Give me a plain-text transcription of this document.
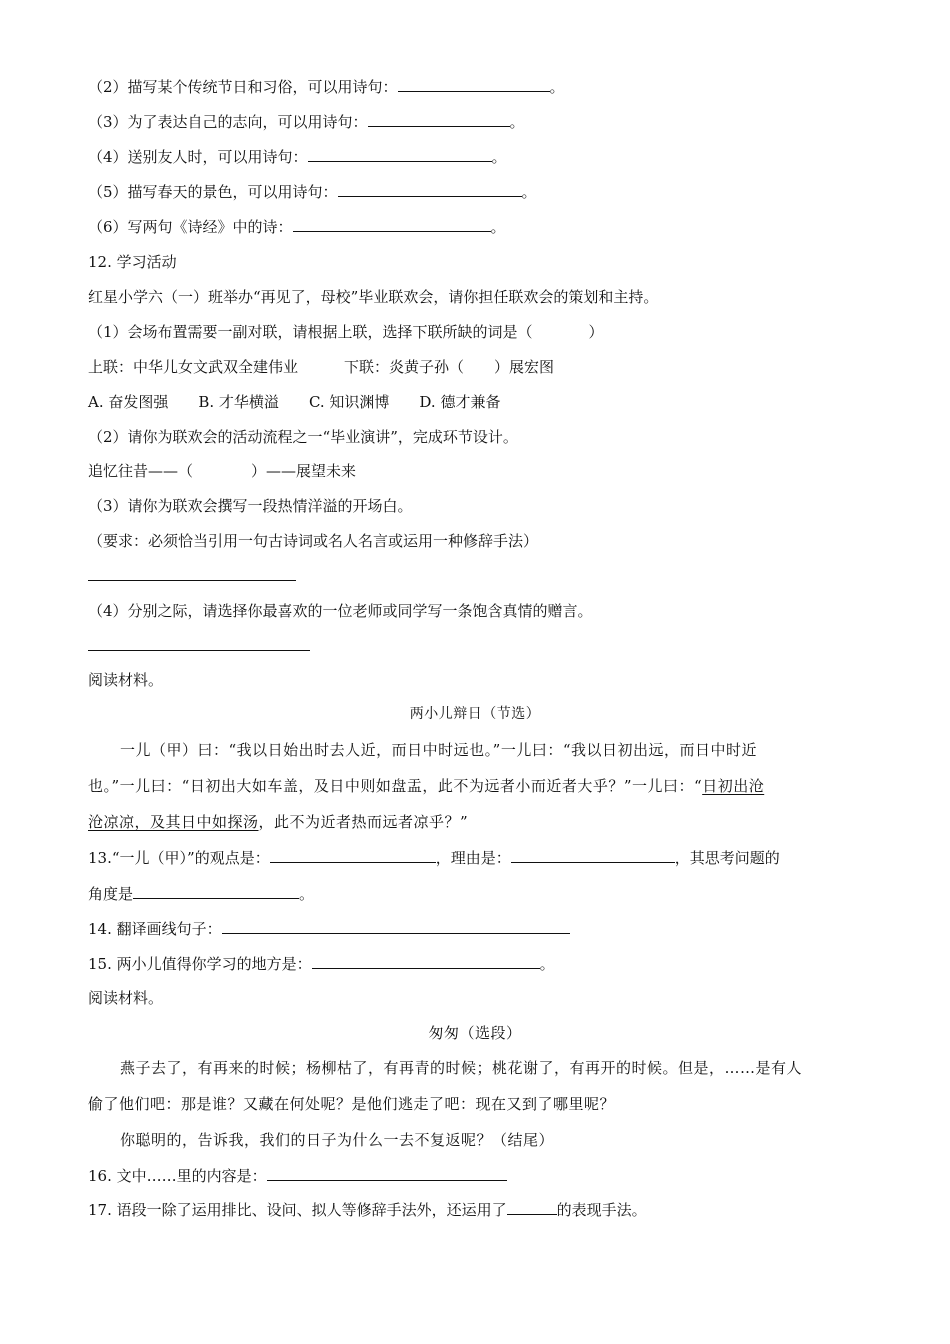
（2）描写某个传统节日和习俗，可以用诗句：	。
（3）为了表达自己的志向，可以用诗句：	。
（4）送别友人时，可以用诗句：	。
（5）描写春天的景色，可以用诗句：	。
（6）写两句《诗经》中的诗：	。
12. 学习活动
红星小学六（一）班举办“再见了，母校”毕业联欢会，请你担任联欢会的策划和主持。
（1）会场布置需要一副对联，请根据上联，选择下联所缺的词是（	）
上联：中华儿女文武双全建伟业	下联：炎黄子孙（ ）展宏图
A. 奋发图强 B. 才华横溢 C. 知识渊博 D. 德才兼备
（2）请你为联欢会的活动流程之一“毕业演讲”，完成环节设计。
追忆往昔——（	）——展望未来
（3）请你为联欢会撰写一段热情洋溢的开场白。
（要求：必须恰当引用一句古诗词或名人名言或运用一种修辞手法）
（4）分别之际，请选择你最喜欢的一位老师或同学写一条饱含真情的赠言。
阅读材料。
两小儿辩日（节选）
一儿（甲）曰：“我以日始出时去人近，而日中时远也。”一儿曰：“我以日初出远，而日中时近
也。”一儿曰：“日初出大如车盖，及日中则如盘盂，此不为远者小而近者大乎？”一儿曰：“日初出沧
沧凉凉，及其日中如探汤，此不为近者热而远者凉乎？”
13.“一儿（甲）”的观点是：	，理由是：	，其思考问题的
角度是	。
14. 翻译画线句子：
15. 两小儿值得你学习的地方是：	。
阅读材料。
匆匆（选段）
燕子去了，有再来的时候；杨柳枯了，有再青的时候；桃花谢了，有再开的时候。但是，……是有人
偷了他们吧：那是谁？又藏在何处呢？是他们逃走了吧：现在又到了哪里呢？
你聪明的，告诉我，我们的日子为什么一去不复返呢？（结尾）
16. 文中……里的内容是：
17. 语段一除了运用排比、设问、拟人等修辞手法外，还运用了	的表现手法。
